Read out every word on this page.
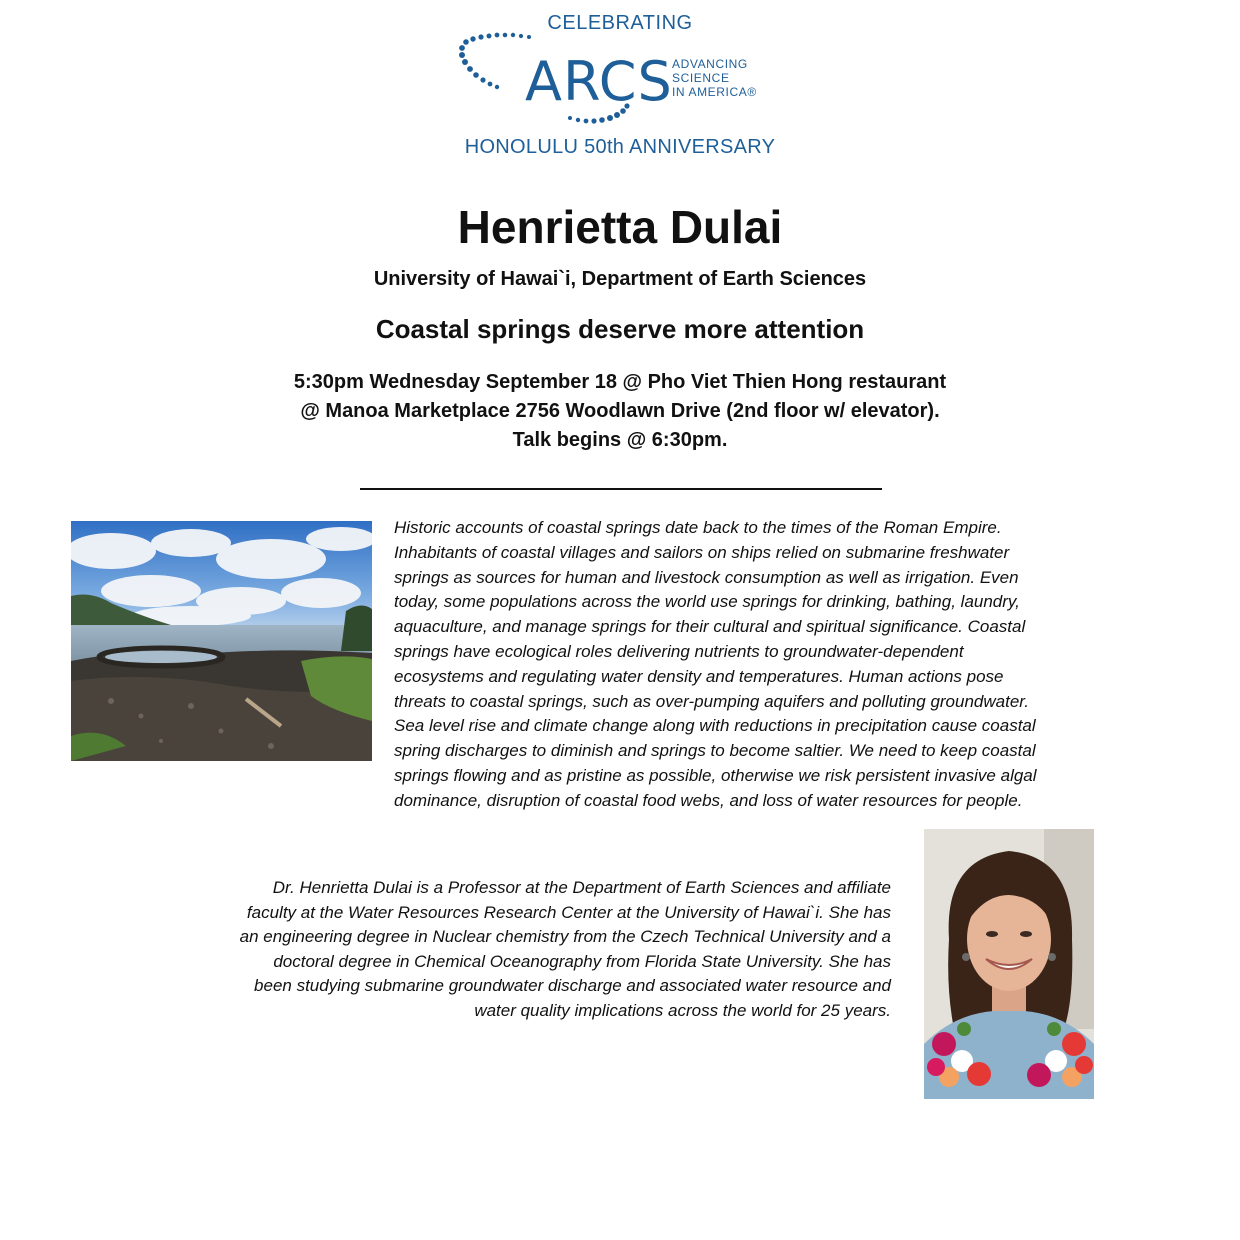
CELEBRATING
ARCS ADVANCING
SCIENCE
IN AMERICA®
HONOLULU 50th ANNIVERSARY
Henrietta Dulai
University of Hawai`i, Department of Earth Sciences
Coastal springs deserve more attention
5:30pm Wednesday September 18 @ Pho Viet Thien Hong restaurant
@ Manoa Marketplace 2756 Woodlawn Drive (2nd floor w/ elevator).
Talk begins @ 6:30pm.
Historic accounts of coastal springs date back to the times of the Roman Empire.
Inhabitants of coastal villages and sailors on ships relied on submarine freshwater
springs as sources for human and livestock consumption as well as irrigation. Even
today, some populations across the world use springs for drinking, bathing, laundry,
aquaculture, and manage springs for their cultural and spiritual significance. Coastal
springs have ecological roles delivering nutrients to groundwater-dependent
ecosystems and regulating water density and temperatures. Human actions pose
threats to coastal springs, such as over-pumping aquifers and polluting groundwater.
Sea level rise and climate change along with reductions in precipitation cause coastal
spring discharges to diminish and springs to become saltier. We need to keep coastal
springs flowing and as pristine as possible, otherwise we risk persistent invasive algal
dominance, disruption of coastal food webs, and loss of water resources for people.
Dr. Henrietta Dulai is a Professor at the Department of Earth Sciences and affiliate
faculty at the Water Resources Research Center at the University of Hawai`i. She has
an engineering degree in Nuclear chemistry from the Czech Technical University and a
doctoral degree in Chemical Oceanography from Florida State University. She has
been studying submarine groundwater discharge and associated water resource and
water quality implications across the world for 25 years.
